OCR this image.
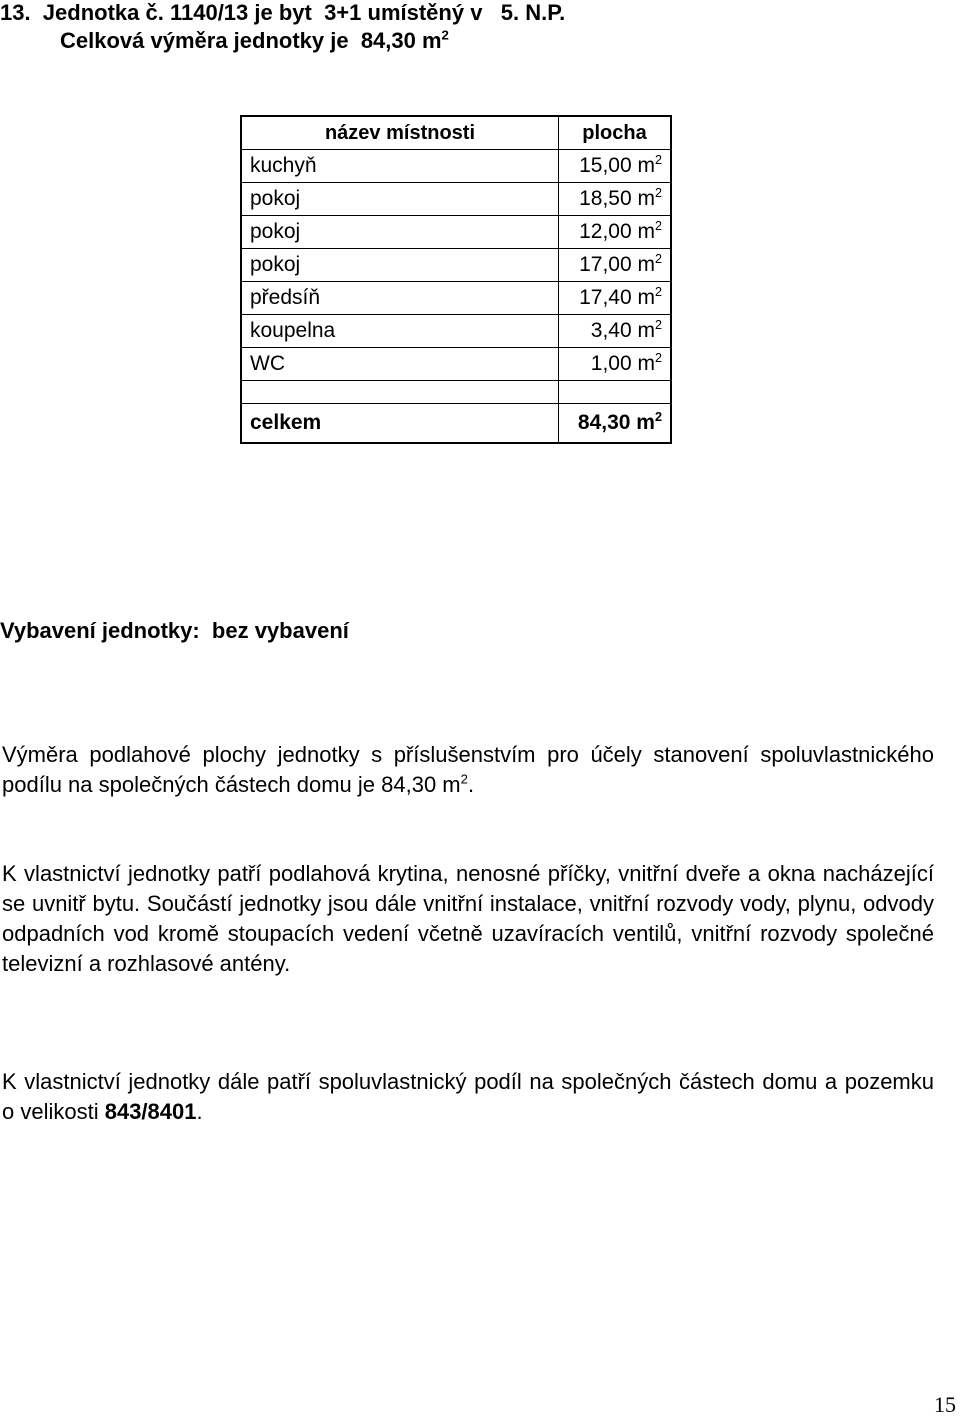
13.  Jednotka č. 1140/13 je byt  3+1 umístěný v   5. N.P.
Celková výměra jednotky je  84,30 $m^2$
název místnosti	plocha
kuchyň	15,00 $m^2$
pokoj	18,50 $m^2$
pokoj	12,00 $m^2$
pokoj	17,00 $m^2$
předsíň	17,40 $m^2$
koupelna	3,40 $m^2$
WC	1,00 $m^2$

celkem	84,30 $m^2$
Vybavení jednotky:  bez vybavení
Výměra podlahové plochy jednotky s příslušenstvím pro účely stanovení spoluvlastnického podílu na společných částech domu je 84,30 $m^2$.
K vlastnictví jednotky patří podlahová krytina, nenosné příčky, vnitřní dveře a okna nacházející se uvnitř bytu. Součástí jednotky jsou dále vnitřní instalace, vnitřní rozvody vody, plynu, odvody odpadních vod kromě stoupacích vedení včetně uzavíracích ventilů, vnitřní rozvody společné televizní a rozhlasové antény.
K vlastnictví jednotky dále patří spoluvlastnický podíl na společných částech domu a pozemku o velikosti 843/8401.
15
